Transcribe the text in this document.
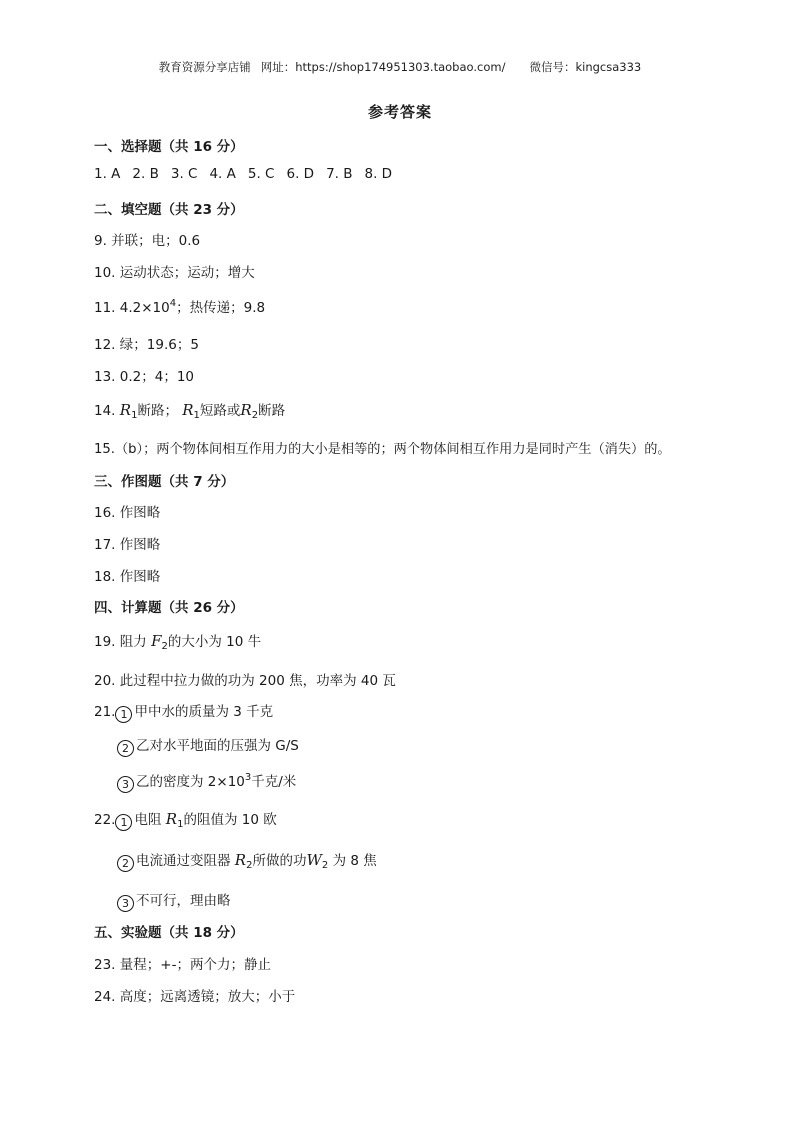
教育资源分享店铺 网址：https://shop174951303.taobao.com/ 微信号：kingcsa333
参考答案
一、选择题（共 16 分）
1. A 2. B 3. C 4. A 5. C 6. D 7. B 8. D
二、填空题（共 23 分）
9. 并联；电；0.6
10. 运动状态；运动；增大
11. $4.2\times 10^4$；热传递；9.8
12. 绿；19.6；5
13. 0.2；4；10
14. $R_1$断路； $R_1$短路或$R_2$断路
15.（b）；两个物体间相互作用力的大小是相等的；两个物体间相互作用力是同时产生（消失）的。
三、作图题（共 7 分）
16. 作图略
17. 作图略
18. 作图略
四、计算题（共 26 分）
19. 阻力 $F_2$的大小为 10 牛
20. 此过程中拉力做的功为 200 焦，功率为 40 瓦
21. 1 甲中水的质量为 3 千克
2 乙对水平地面的压强为 G/S
3 乙的密度为 $2\times 10^3$千克/米
22. 1 电阻 $R_1$的阻值为 10 欧
2 电流通过变阻器 $R_2$所做的功$W_2$ 为 8 焦
3 不可行，理由略
五、实验题（共 18 分）
23. 量程；+-；两个力；静止
24. 高度；远离透镜；放大；小于
